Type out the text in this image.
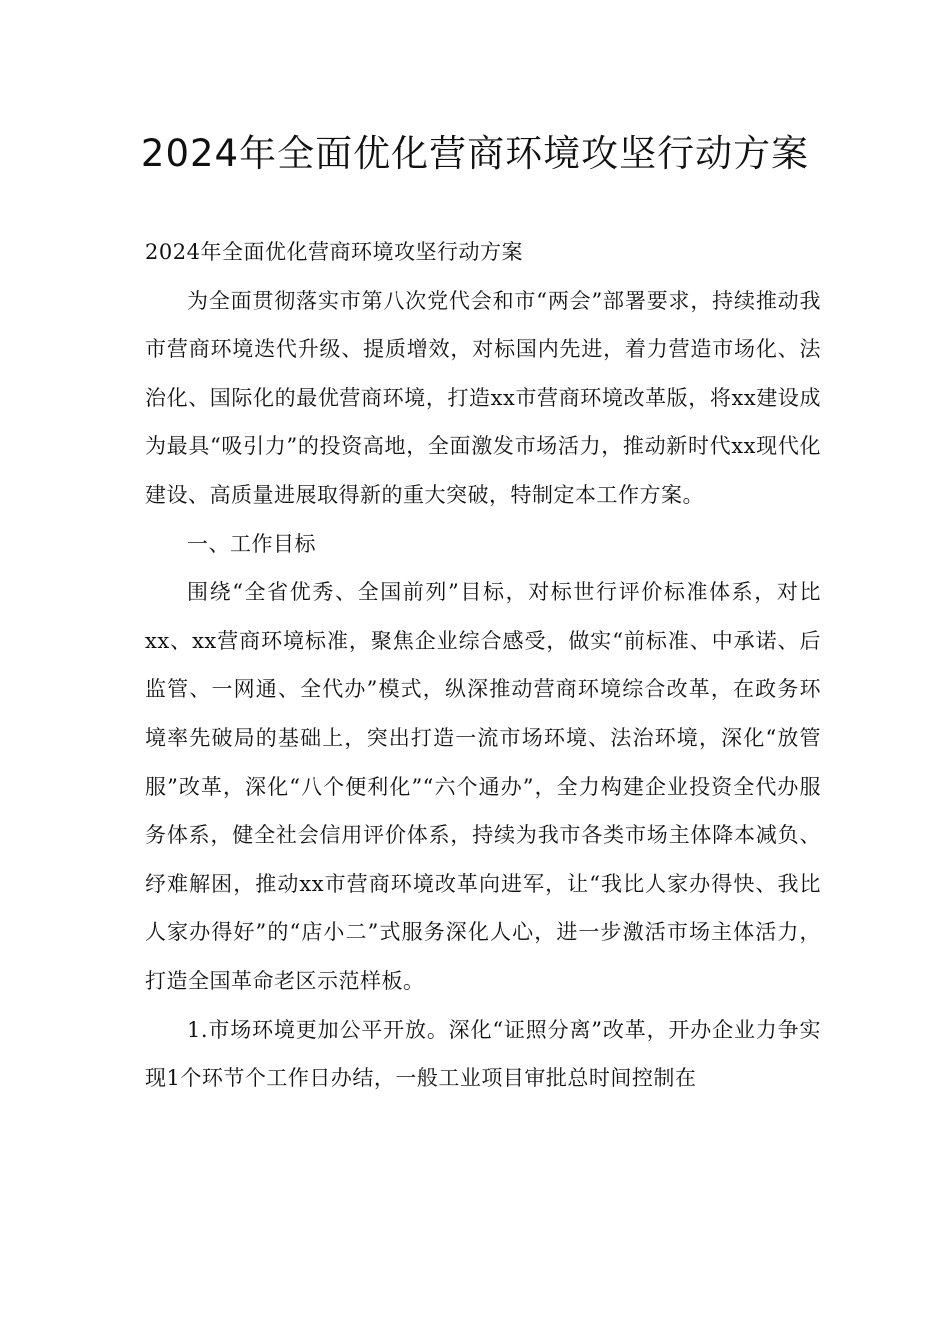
2024年全面优化营商环境攻坚行动方案

2024年全面优化营商环境攻坚行动方案

为全面贯彻落实市第八次党代会和市“两会”部署要求，持续推动我市营商环境迭代升级、提质增效，对标国内先进，着力营造市场化、法治化、国际化的最优营商环境，打造xx市营商环境改革版，将xx建设成为最具“吸引力”的投资高地，全面激发市场活力，推动新时代xx现代化建设、高质量进展取得新的重大突破，特制定本工作方案。

一、工作目标

围绕“全省优秀、全国前列”目标，对标世行评价标准体系，对比xx、xx营商环境标准，聚焦企业综合感受，做实“前标准、中承诺、后监管、一网通、全代办”模式，纵深推动营商环境综合改革，在政务环境率先破局的基础上，突出打造一流市场环境、法治环境，深化“放管服”改革，深化“八个便利化”“六个通办”，全力构建企业投资全代办服务体系，健全社会信用评价体系，持续为我市各类市场主体降本减负、纾难解困，推动xx市营商环境改革向进军，让“我比人家办得快、我比人家办得好”的“店小二”式服务深化人心，进一步激活市场主体活力，打造全国革命老区示范样板。

1.市场环境更加公平开放。深化“证照分离”改革，开办企业力争实现1个环节个工作日办结，一般工业项目审批总时间控制在
